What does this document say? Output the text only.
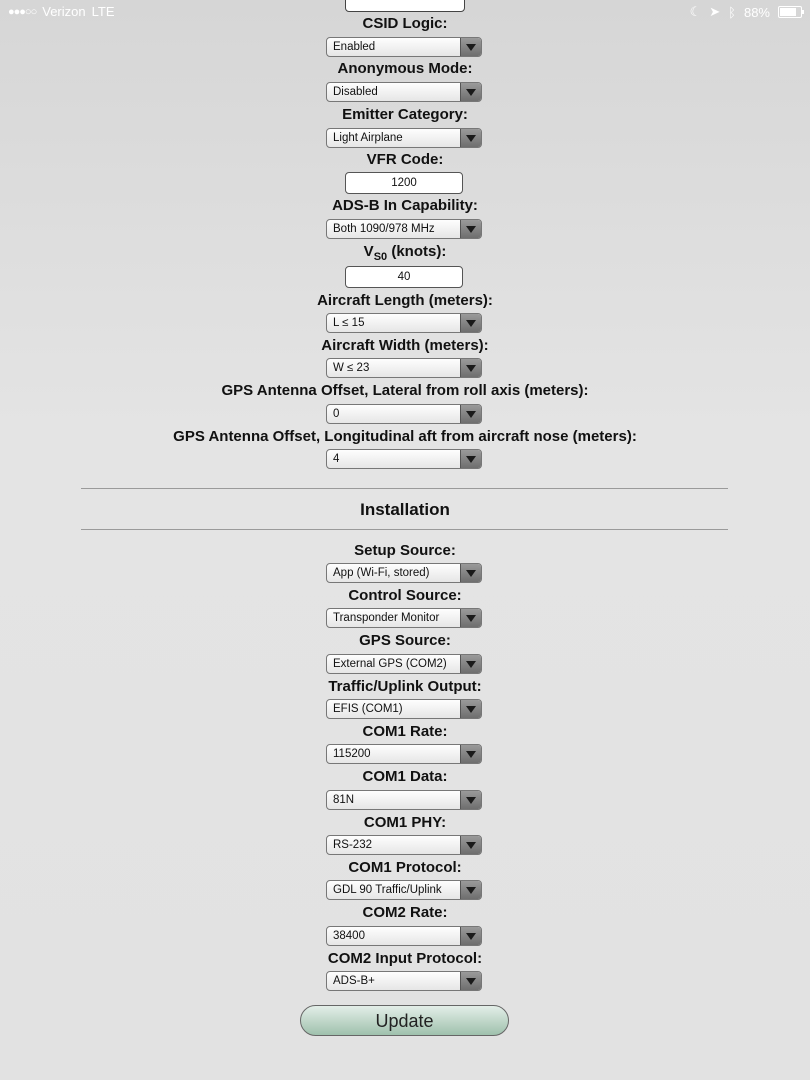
●●●○○ Verizon LTE	☾ ➤ ᛒ 88%
CSID Logic:
Enabled
Anonymous Mode:
Disabled
Emitter Category:
Light Airplane
VFR Code:
1200
ADS-B In Capability:
Both 1090/978 MHz
$V_{S0}$ (knots):
40
Aircraft Length (meters):
L ≤ 15
Aircraft Width (meters):
W ≤ 23
GPS Antenna Offset, Lateral from roll axis (meters):
0
GPS Antenna Offset, Longitudinal aft from aircraft nose (meters):
4
Installation
Setup Source:
App (Wi-Fi, stored)
Control Source:
Transponder Monitor
GPS Source:
External GPS (COM2)
Traffic/Uplink Output:
EFIS (COM1)
COM1 Rate:
115200
COM1 Data:
81N
COM1 PHY:
RS-232
COM1 Protocol:
GDL 90 Traffic/Uplink
COM2 Rate:
38400
COM2 Input Protocol:
ADS-B+
Update
